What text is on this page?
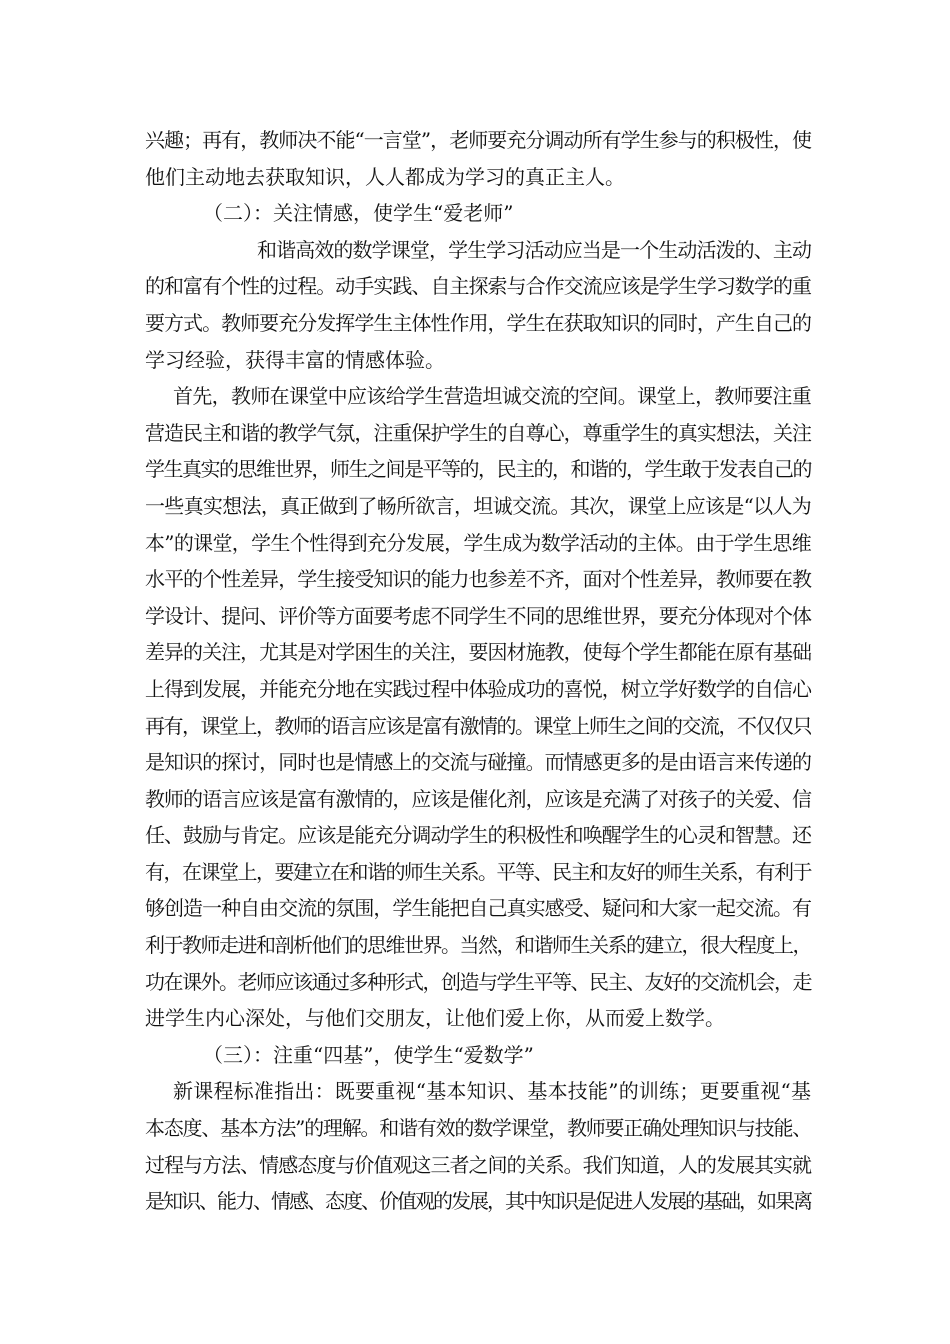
兴趣；再有，教师决不能“一言堂”，老师要充分调动所有学生参与的积极性，使
他们主动地去获取知识，人人都成为学习的真正主人。
（二）：关注情感，使学生“爱老师”
和谐高效的数学课堂，学生学习活动应当是一个生动活泼的、主动
的和富有个性的过程。动手实践、自主探索与合作交流应该是学生学习数学的重
要方式。教师要充分发挥学生主体性作用，学生在获取知识的同时，产生自己的
学习经验，获得丰富的情感体验。
首先，教师在课堂中应该给学生营造坦诚交流的空间。课堂上，教师要注重
营造民主和谐的教学气氛，注重保护学生的自尊心，尊重学生的真实想法，关注
学生真实的思维世界，师生之间是平等的，民主的，和谐的，学生敢于发表自己的
一些真实想法，真正做到了畅所欲言，坦诚交流。其次，课堂上应该是“以人为
本”的课堂，学生个性得到充分发展，学生成为数学活动的主体。由于学生思维
水平的个性差异，学生接受知识的能力也参差不齐，面对个性差异，教师要在教
学设计、提问、评价等方面要考虑不同学生不同的思维世界，要充分体现对个体
差异的关注，尤其是对学困生的关注，要因材施教，使每个学生都能在原有基础
上得到发展，并能充分地在实践过程中体验成功的喜悦，树立学好数学的自信心
再有，课堂上，教师的语言应该是富有激情的。课堂上师生之间的交流，不仅仅只
是知识的探讨，同时也是情感上的交流与碰撞。而情感更多的是由语言来传递的
教师的语言应该是富有激情的，应该是催化剂，应该是充满了对孩子的关爱、信
任、鼓励与肯定。应该是能充分调动学生的积极性和唤醒学生的心灵和智慧。还
有，在课堂上，要建立在和谐的师生关系。平等、民主和友好的师生关系，有利于
够创造一种自由交流的氛围，学生能把自己真实感受、疑问和大家一起交流。有
利于教师走进和剖析他们的思维世界。当然，和谐师生关系的建立，很大程度上，
功在课外。老师应该通过多种形式，创造与学生平等、民主、友好的交流机会，走
进学生内心深处，与他们交朋友，让他们爱上你，从而爱上数学。
（三）：注重“四基”，使学生“爱数学”
新课程标准指出：既要重视“基本知识、基本技能”的训练；更要重视“基
本态度、基本方法”的理解。和谐有效的数学课堂，教师要正确处理知识与技能、
过程与方法、情感态度与价值观这三者之间的关系。我们知道，人的发展其实就
是知识、能力、情感、态度、价值观的发展，其中知识是促进人发展的基础，如果离
